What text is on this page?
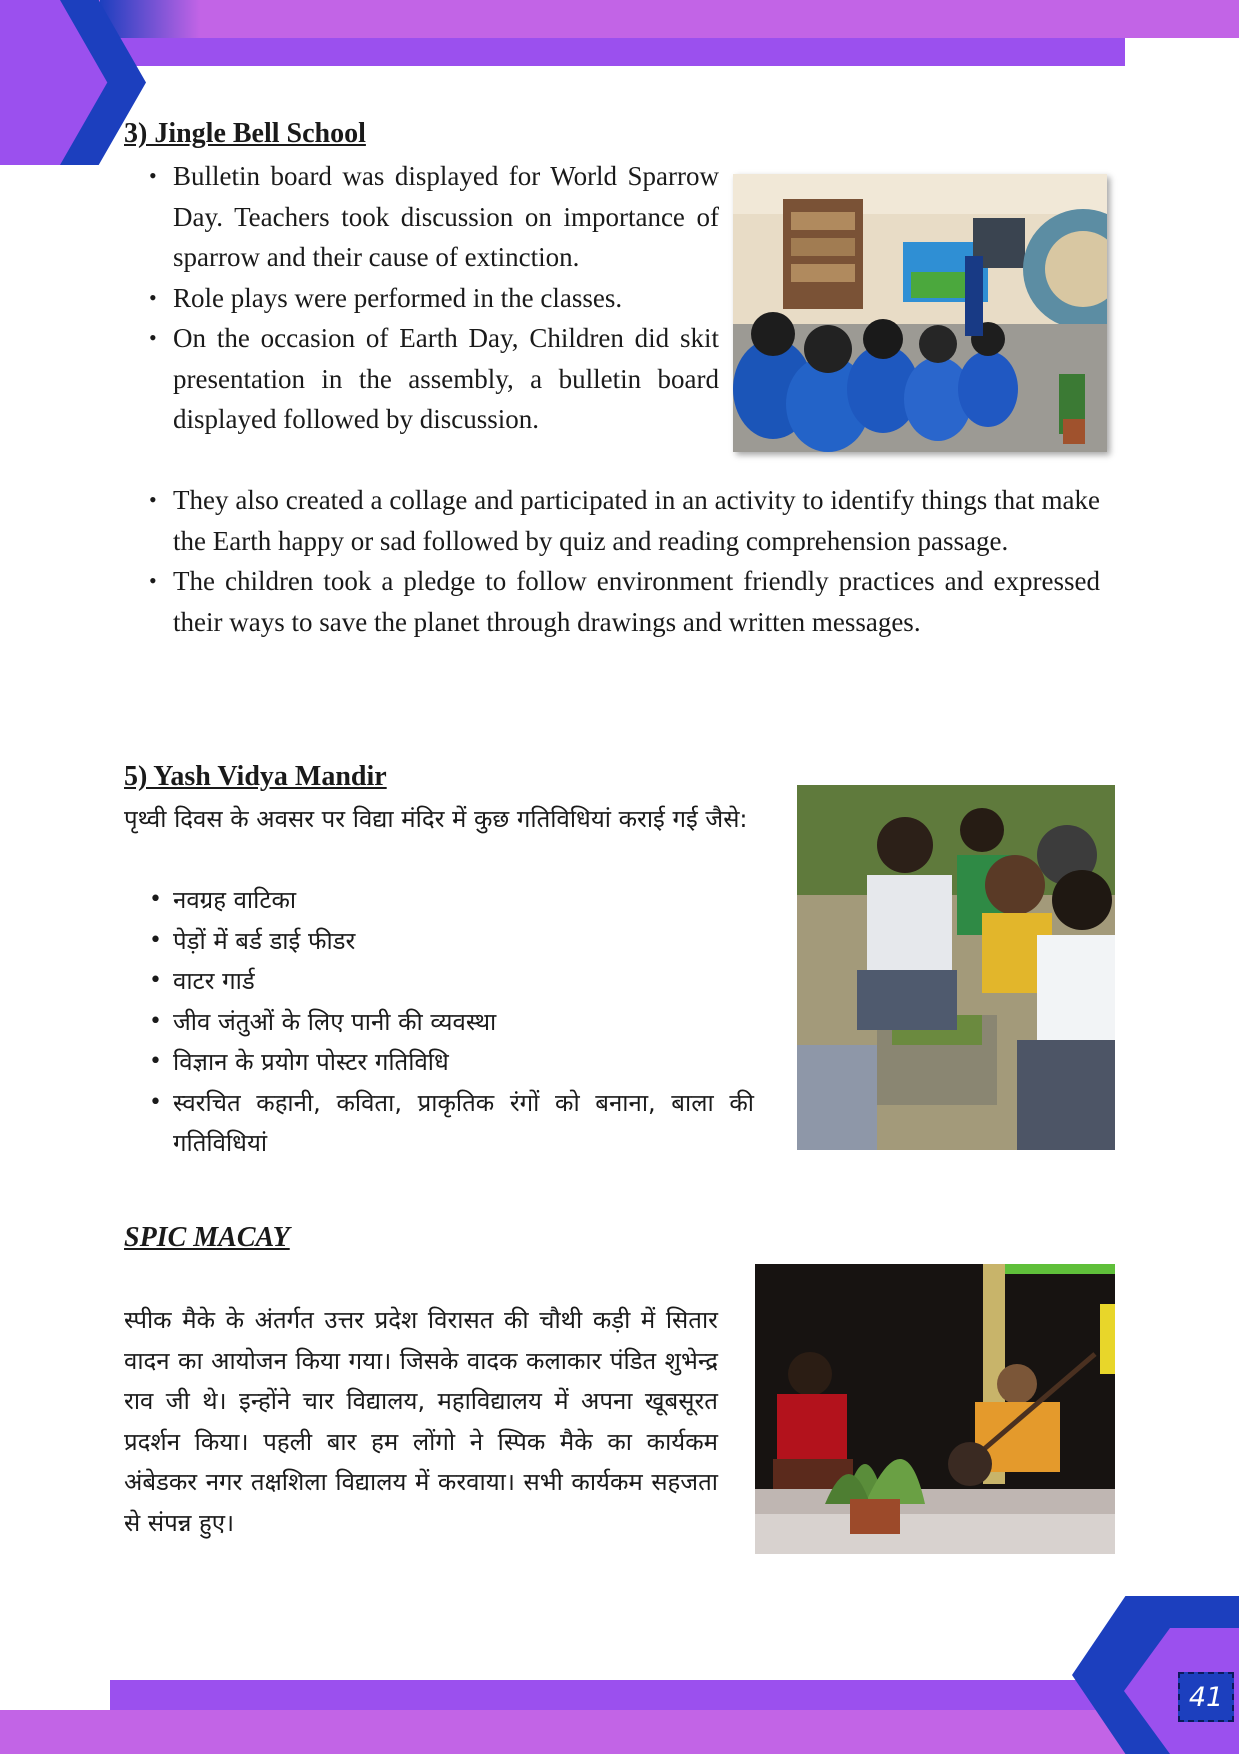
41
3) Jingle Bell School
• Bulletin board was displayed for World Sparrow Day. Teachers took discussion on importance of sparrow and their cause of extinction.
• Role plays were performed in the classes.
• On the occasion of Earth Day, Children did skit presentation in the assembly, a bulletin board displayed followed by discussion.
• They also created a collage and participated in an activity to identify things that make the Earth happy or sad followed by quiz and reading comprehension passage.
• The children took a pledge to follow environment friendly practices and expressed their ways to save the planet through drawings and written messages.
5) Yash Vidya Mandir
पृथ्वी दिवस के अवसर पर विद्या मंदिर में कुछ गतिविधियां कराई गई जैसे:
• नवग्रह वाटिका
• पेड़ों में बर्ड डाई फीडर
• वाटर गार्ड
• जीव जंतुओं के लिए पानी की व्यवस्था
• विज्ञान के प्रयोग पोस्टर गतिविधि
• स्वरचित कहानी, कविता, प्राकृतिक रंगों को बनाना, बाला की गतिविधियां
SPIC MACAY
स्पीक मैके के अंतर्गत उत्तर प्रदेश विरासत की चौथी कड़ी में सितार वादन का आयोजन किया गया। जिसके वादक कलाकार पंडित शुभेन्द्र राव जी थे। इन्होंने चार विद्यालय, महाविद्यालय में अपना खूबसूरत प्रदर्शन किया। पहली बार हम लोंगो ने स्पिक मैके का कार्यकम अंबेडकर नगर तक्षशिला विद्यालय में करवाया। सभी कार्यकम सहजता से संपन्न हुए।
